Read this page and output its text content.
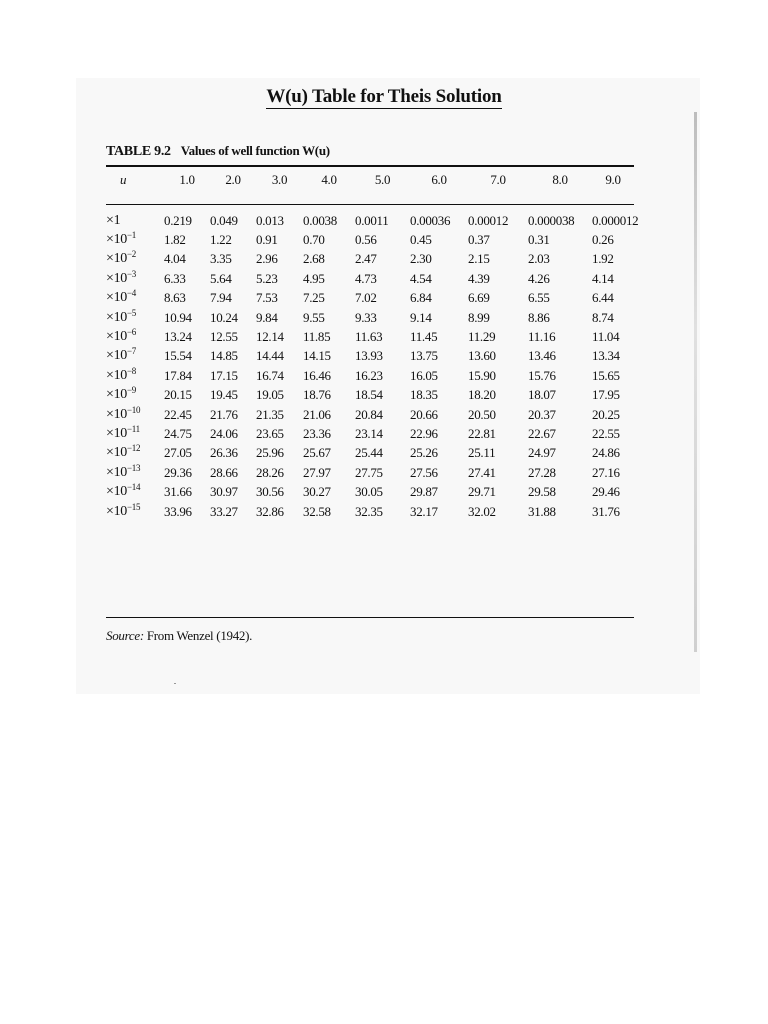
W(u) Table for Theis Solution
TABLE 9.2 Values of well function W(u)
u	1.0	2.0	3.0	4.0	5.0	6.0	7.0	8.0	9.0

×1	0.219	0.049	0.013	0.0038	0.0011	0.00036	0.00012	0.000038	0.000012
$\times 10^{-1}$	1.82	1.22	0.91	0.70	0.56	0.45	0.37	0.31	0.26
$\times 10^{-2}$	4.04	3.35	2.96	2.68	2.47	2.30	2.15	2.03	1.92
$\times 10^{-3}$	6.33	5.64	5.23	4.95	4.73	4.54	4.39	4.26	4.14
$\times 10^{-4}$	8.63	7.94	7.53	7.25	7.02	6.84	6.69	6.55	6.44
$\times 10^{-5}$	10.94	10.24	9.84	9.55	9.33	9.14	8.99	8.86	8.74
$\times 10^{-6}$	13.24	12.55	12.14	11.85	11.63	11.45	11.29	11.16	11.04
$\times 10^{-7}$	15.54	14.85	14.44	14.15	13.93	13.75	13.60	13.46	13.34
$\times 10^{-8}$	17.84	17.15	16.74	16.46	16.23	16.05	15.90	15.76	15.65
$\times 10^{-9}$	20.15	19.45	19.05	18.76	18.54	18.35	18.20	18.07	17.95
$\times 10^{-10}$	22.45	21.76	21.35	21.06	20.84	20.66	20.50	20.37	20.25
$\times 10^{-11}$	24.75	24.06	23.65	23.36	23.14	22.96	22.81	22.67	22.55
$\times 10^{-12}$	27.05	26.36	25.96	25.67	25.44	25.26	25.11	24.97	24.86
$\times 10^{-13}$	29.36	28.66	28.26	27.97	27.75	27.56	27.41	27.28	27.16
$\times 10^{-14}$	31.66	30.97	30.56	30.27	30.05	29.87	29.71	29.58	29.46
$\times 10^{-15}$	33.96	33.27	32.86	32.58	32.35	32.17	32.02	31.88	31.76
Source: From Wenzel (1942).
